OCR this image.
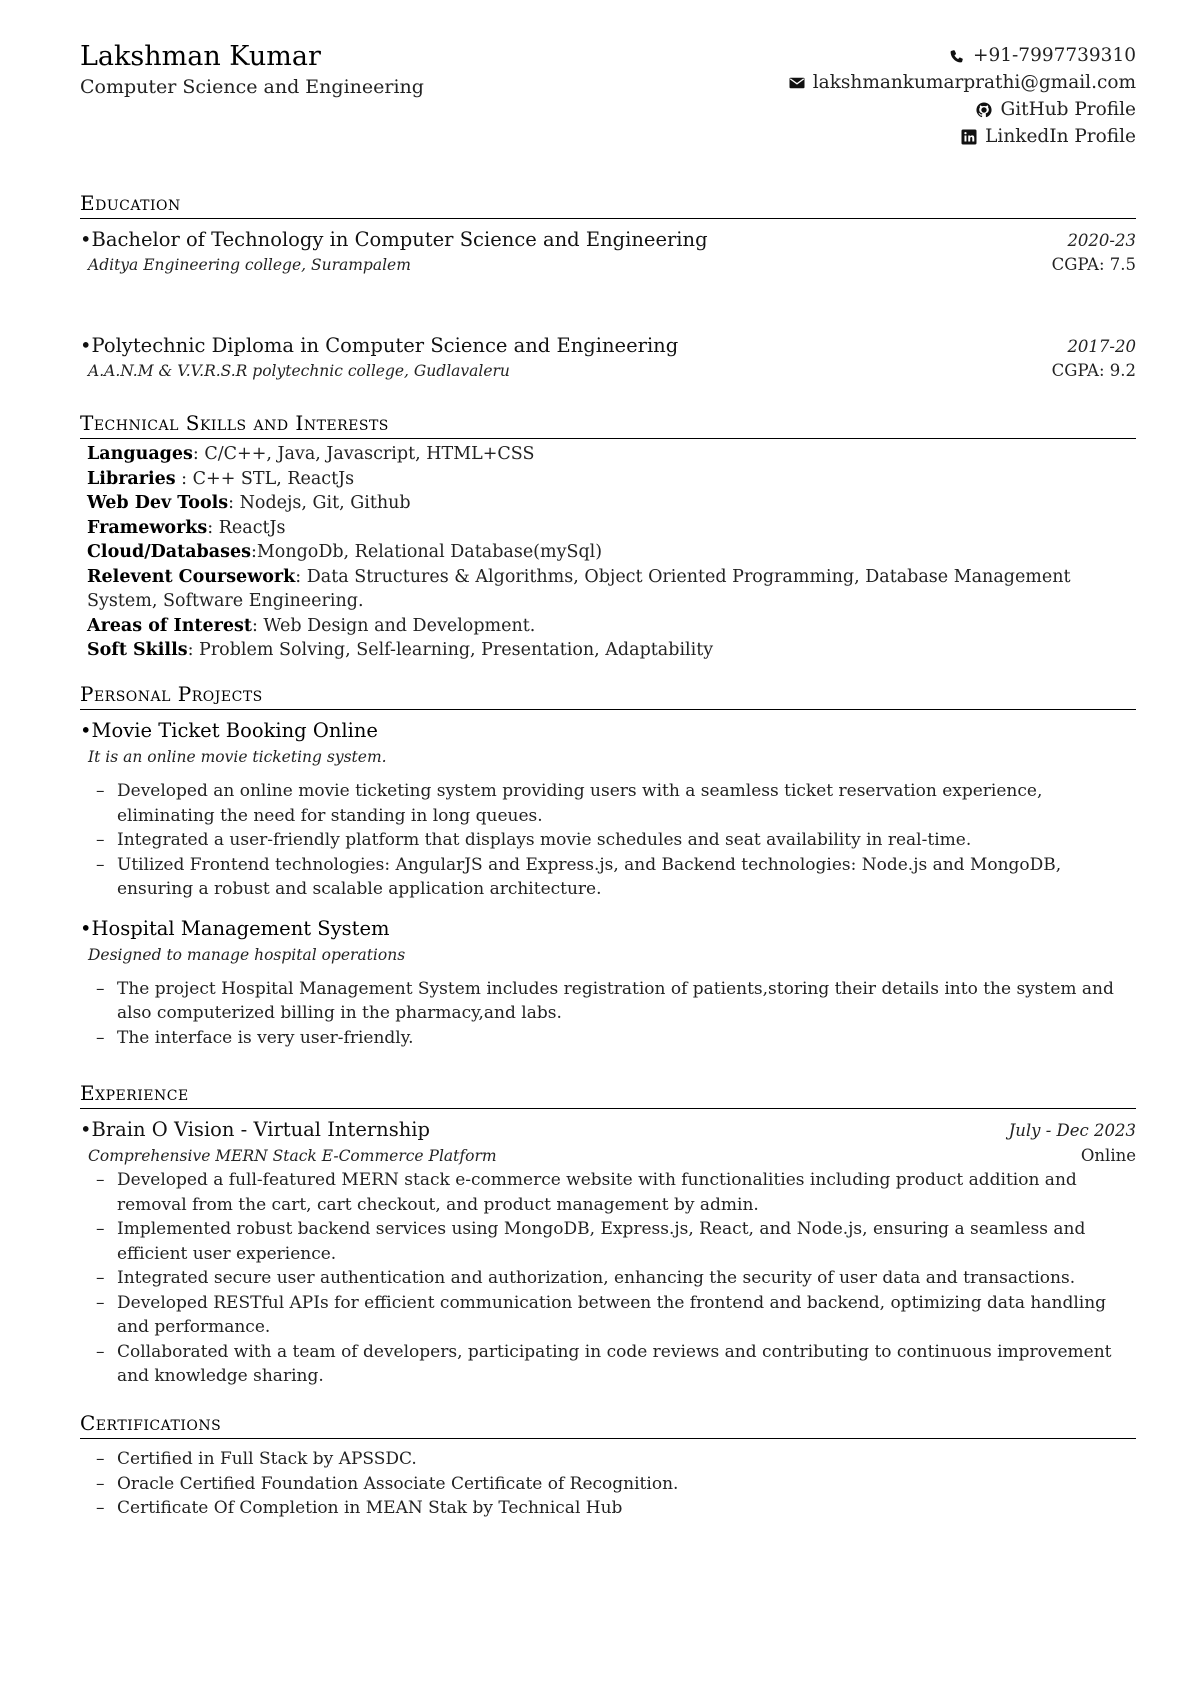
Lakshman Kumar
Computer Science and Engineering
+91-7997739310
lakshmankumarprathi@gmail.com
GitHub Profile
LinkedIn Profile
Education
•Bachelor of Technology in Computer Science and Engineering	2020-23
Aditya Engineering college, Surampalem	CGPA: 7.5
•Polytechnic Diploma in Computer Science and Engineering	2017-20
A.A.N.M & V.V.R.S.R polytechnic college, Gudlavaleru	CGPA: 9.2
Technical Skills and Interests
Languages: C/C++, Java, Javascript, HTML+CSS
Libraries : C++ STL, ReactJs
Web Dev Tools: Nodejs, Git, Github
Frameworks: ReactJs
Cloud/Databases:MongoDb, Relational Database(mySql)
Relevent Coursework: Data Structures & Algorithms, Object Oriented Programming, Database Management System, Software Engineering.
Areas of Interest: Web Design and Development.
Soft Skills: Problem Solving, Self-learning, Presentation, Adaptability
Personal Projects
•Movie Ticket Booking Online
It is an online movie ticketing system.
– Developed an online movie ticketing system providing users with a seamless ticket reservation experience, eliminating the need for standing in long queues.
– Integrated a user-friendly platform that displays movie schedules and seat availability in real-time.
– Utilized Frontend technologies: AngularJS and Express.js, and Backend technologies: Node.js and MongoDB, ensuring a robust and scalable application architecture.
•Hospital Management System
Designed to manage hospital operations
– The project Hospital Management System includes registration of patients,storing their details into the system and also computerized billing in the pharmacy,and labs.
– The interface is very user-friendly.
Experience
•Brain O Vision - Virtual Internship	July - Dec 2023
Comprehensive MERN Stack E-Commerce Platform	Online
– Developed a full-featured MERN stack e-commerce website with functionalities including product addition and removal from the cart, cart checkout, and product management by admin.
– Implemented robust backend services using MongoDB, Express.js, React, and Node.js, ensuring a seamless and efficient user experience.
– Integrated secure user authentication and authorization, enhancing the security of user data and transactions.
– Developed RESTful APIs for efficient communication between the frontend and backend, optimizing data handling and performance.
– Collaborated with a team of developers, participating in code reviews and contributing to continuous improvement and knowledge sharing.
Certifications
– Certified in Full Stack by APSSDC.
– Oracle Certified Foundation Associate Certificate of Recognition.
– Certificate Of Completion in MEAN Stak by Technical Hub
